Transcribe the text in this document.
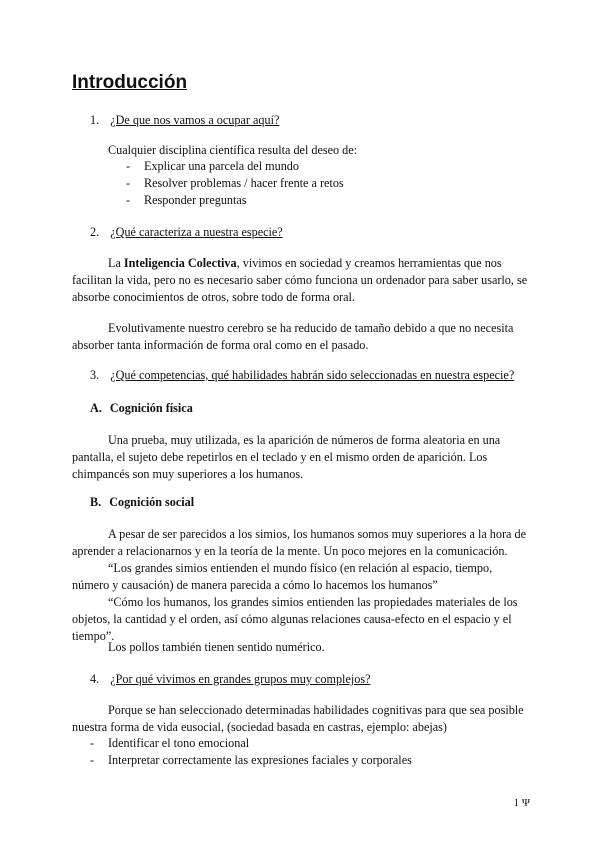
Introducción
1. ¿De que nos vamos a ocupar aquí?
Cualquier disciplina científica resulta del deseo de:
- Explicar una parcela del mundo
- Resolver problemas / hacer frente a retos
- Responder preguntas
2. ¿Qué caracteriza a nuestra especie?
La Inteligencia Colectiva, vivimos en sociedad y creamos herramientas que nos facilitan la vida, pero no es necesario saber cómo funciona un ordenador para saber usarlo, se absorbe conocimientos de otros, sobre todo de forma oral.
Evolutivamente nuestro cerebro se ha reducido de tamaño debido a que no necesita absorber tanta información de forma oral como en el pasado.
3. ¿Qué competencias, qué habilidades habrán sido seleccionadas en nuestra especie?
A. Cognición física
Una prueba, muy utilizada, es la aparición de números de forma aleatoria en una pantalla, el sujeto debe repetirlos en el teclado y en el mismo orden de aparición. Los chimpancés son muy superiores a los humanos.
B. Cognición social
A pesar de ser parecidos a los simios, los humanos somos muy superiores a la hora de aprender a relacionarnos y en la teoría de la mente. Un poco mejores en la comunicación.
“Los grandes simios entienden el mundo físico (en relación al espacio, tiempo, número y causación) de manera parecida a cómo lo hacemos los humanos”
“Cómo los humanos, los grandes simios entienden las propiedades materiales de los objetos, la cantidad y el orden, así cómo algunas relaciones causa-efecto en el espacio y el tiempo”.
Los pollos también tienen sentido numérico.
4. ¿Por qué vivimos en grandes grupos muy complejos?
Porque se han seleccionado determinadas habilidades cognitivas para que sea posible nuestra forma de vida eusocial, (sociedad basada en castras, ejemplo: abejas)
- Identificar el tono emocional
- Interpretar correctamente las expresiones faciales y corporales
1 Ψ
